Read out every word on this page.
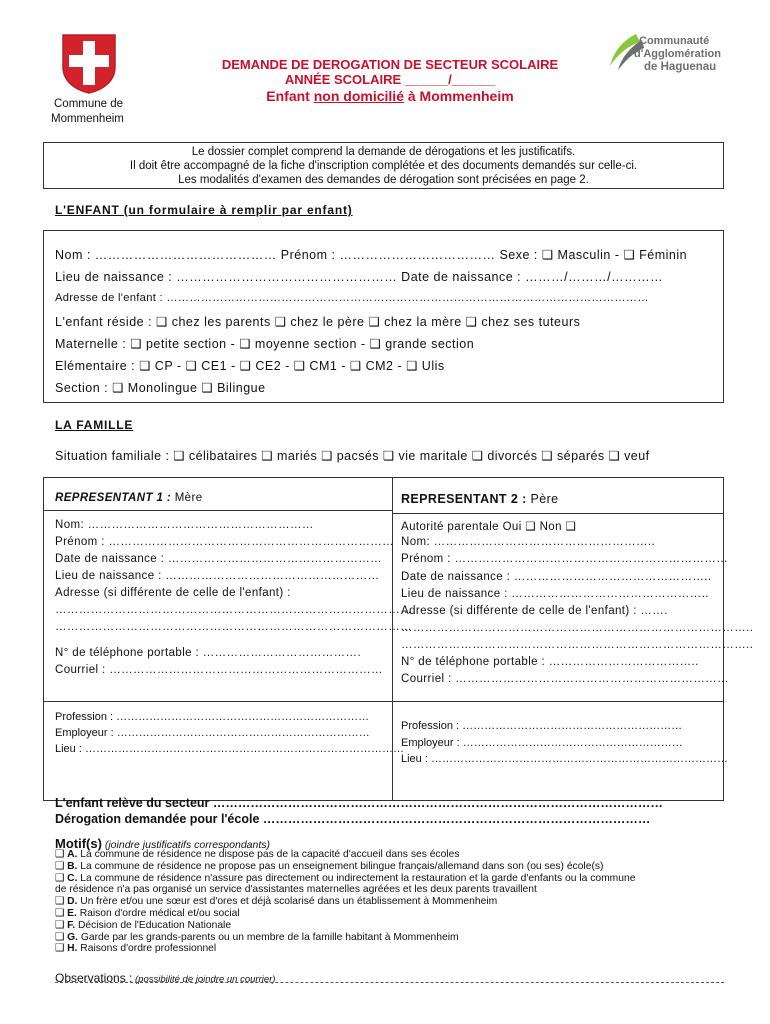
Commune de
Mommenheim
DEMANDE DE DEROGATION DE SECTEUR SCOLAIRE
ANNÉE SCOLAIRE ______/______
Enfant non domicilié à Mommenheim
Communauté
d'Agglomération
de Haguenau
Le dossier complet comprend la demande de dérogations et les justificatifs.
Il doit être accompagné de la fiche d'inscription complétée et des documents demandés sur celle-ci.
Les modalités d'examen des demandes de dérogation sont précisées en page 2.
L'ENFANT (un formulaire à remplir par enfant)
Nom : …………………………………… Prénom : ……………………………… Sexe : ❑ Masculin - ❑ Féminin
Lieu de naissance : …………………………………………… Date de naissance : ………/………/…………
Adresse de l'enfant : ………………………………………………………………………………………………………………
L'enfant réside : ❑ chez les parents ❑ chez le père ❑ chez la mère ❑ chez ses tuteurs
Maternelle : ❑ petite section - ❑ moyenne section - ❑ grande section
Elémentaire : ❑ CP - ❑ CE1 - ❑ CE2 - ❑ CM1 - ❑ CM2 - ❑ Ulis
Section : ❑ Monolingue ❑ Bilingue
LA FAMILLE
Situation familiale : ❑ célibataires ❑ mariés ❑ pacsés ❑ vie maritale ❑ divorcés ❑ séparés ❑ veuf
REPRESENTANT 1 : Mère
Nom: …………………………………………………
Prénom : ………………………………………………………………
Date de naissance : ………………………………………………
Lieu de naissance : ………………………………………………
Adresse (si différente de celle de l'enfant) :
………………………………………………………………………………
………………………………………………………………………………
N° de téléphone portable : ………………………………….
Courriel : ……………………………………………………………
Profession : ……………………………………………………………
Employeur : ……………………………………………………………
Lieu : ……………………………………………………………………………
REPRESENTANT 2 : Père
Autorité parentale Oui ❑ Non ❑
Nom: ………………………………………………..
Prénom : ……………………………………………………………
Date de naissance : …………………………………………..
Lieu de naissance : …………………………………………..
Adresse (si différente de celle de l'enfant) : …….
……………………………………………………………………………..
……………………………………………………………………………..
N° de téléphone portable : ………………………………..
Courriel : ……………………………………………………………
Profession : ……………………………………………………
Employeur : ……………………………………………………
Lieu : ………………………………………………………………………
L'enfant relève du secteur ………………………………………………………………………………………………
Dérogation demandée pour l'école …………………………………………………………………………………
Motif(s) (joindre justificatifs correspondants)
❑ A. La commune de résidence ne dispose pas de la capacité d'accueil dans ses écoles
❑ B. La commune de résidence ne propose pas un enseignement bilingue français/allemand dans son (ou ses) école(s)
❑ C. La commune de résidence n'assure pas directement ou indirectement la restauration et la garde d'enfants ou la commune
de résidence n'a pas organisé un service d'assistantes maternelles agréées et les deux parents travaillent
❑ D. Un frère et/ou une sœur est d'ores et déjà scolarisé dans un établissement à Mommenheim
❑ E. Raison d'ordre médical et/ou social
❑ F. Décision de l'Education Nationale
❑ G. Garde par les grands-parents ou un membre de la famille habitant à Mommenheim
❑ H. Raisons d'ordre professionnel
Observations : (possibilité de joindre un courrier)
